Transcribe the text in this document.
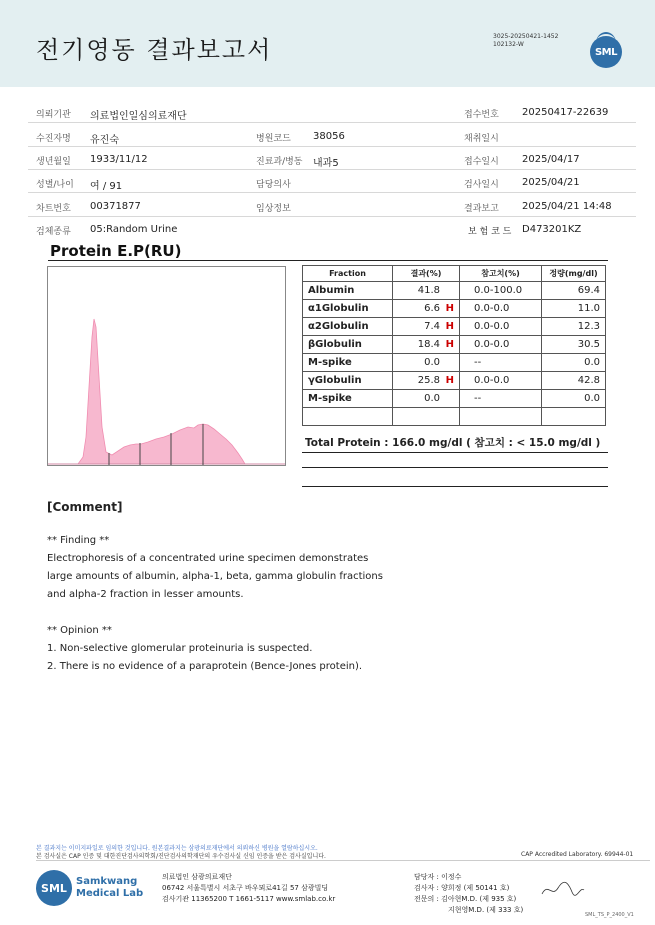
전기영동 결과보고서	3025-20250421-1452
102132-W
SML
의뢰기관 의료법인일심의료재단	접수번호 20250417-22639
수진자명 유진숙	병원코드 38056	채취일시
생년월일 1933/11/12	진료과/병동 내과5	접수일시 2025/04/17
성별/나이 여 / 91	담당의사	검사일시 2025/04/21
차트번호 00371877	임상정보	결과보고 2025/04/21 14:48
검체종류 05:Random Urine	보 험 코 드 D473201KZ
Protein E.P(RU)
Fraction	결과(%)	참고치(%)	정량(mg/dl)
Albumin	41.8	0.0-100.0	69.4
α1Globulin	6.6 H	0.0-0.0	11.0
α2Globulin	7.4 H	0.0-0.0	12.3
βGlobulin	18.4 H	0.0-0.0	30.5
M-spike	0.0	--	0.0
γGlobulin	25.8 H	0.0-0.0	42.8
M-spike	0.0	--	0.0

Total Protein : 166.0 mg/dl ( 참고치 : < 15.0 mg/dl )
[Comment]
** Finding **
Electrophoresis of a concentrated urine specimen demonstrates
large amounts of albumin, alpha-1, beta, gamma globulin fractions
and alpha-2 fraction in lesser amounts.
** Opinion **
1. Non-selective glomerular proteinuria is suspected.
2. There is no evidence of a paraprotein (Bence-Jones protein).
본 결과지는 이미지파일로 임의한 것입니다. 원본결과지는 삼광의료재단에서 의뢰하신 병원을 열람하십시오.
본 검사실은 CAP 인증 및 대한진단검사의학회/진단검사의학재단의 우수검사실 신임 인증을 받은 검사실입니다.	CAP Accredited Laboratory. 69944-01
SML Samkwang
Medical Lab
의료법인 삼광의료재단
06742 서울특별시 서초구 바우뫼로41길 57 삼광빌딩
검사기관 11365200 T 1661-5117 www.smlab.co.kr
담당자 : 이정수
검사자 : 양희정 (제 50141 호)
전문의 : 김아현M.D. (제 935 호)
지현영M.D. (제 333 호)
SML_TS_P_2400_V1
